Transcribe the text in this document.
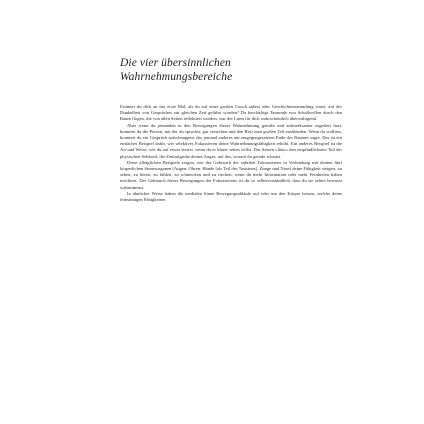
Die vier übersinnlichen
Wahrnehmungsbereiche

Erinnert du dich an das erste Mal, als du auf einer großen Couch saßest oder Geschichtensammlung warst, auf der Dunkelheit von Gespräches zur gleichen Zeit geführt wurden? Da beschäftigt Tausende von Schallwellen durch den Raum flogen, die von allen Seiten reflektiert wurden, war der Lärm für dich wahrscheinlich überwältigend.

Aber wenn du jemanden in den Bewegungen dieser Wahrnehmung getrübt und aufmerksamer zugehört hast, konntest du die Person, mit der du sprachst, gut verstehen und den Rest zum großen Teil ausblenden. Wenn du wolltest, konntest du ein Gespräch aufschnappen, das jemand anderes am entgegengesetzten Ende des Raumes sagte. Das ist ein einfaches Beispiel dafür, wie selektives Fokussieren deine Wahrnehmungsfähigkeit erhöht. Ein anderes Beispiel ist die Art und Weise, wie du auf etwas starrst, wenn du es klarer sehen willst. Das Sarren »lässt« den empfindlichsten Teil der physischen Sehkraft, die Zentralgrube deines Auges, auf das, worauf du gerade schaust.

Diese alltäglichen Beispiele zeigen, wie der Gebrauch der subtilen Fokussierens in Verbindung mit deinen fünf körperlichen Sinnesorganen (Augen, Ohren, Hände [als Teil des Tastsinns], Zunge und Nase) deine Fähigkeit steigert, zu sehen, zu hören, zu fühlen, zu schmecken und zu riechen, wenn du mehr Information oder mehr Feinheiten haben möchtest. Der Gebrauch dieser Bewegungen des Fokussierens ist dir so selbstverständlich, dass du sie selten bewusst wahrnimmst.

In ähnlicher Weise haben die medialen Sinne Bewegungsabläufe auf oder um den Körper herum, welche deine feinsinnigen Fähigkeiten
